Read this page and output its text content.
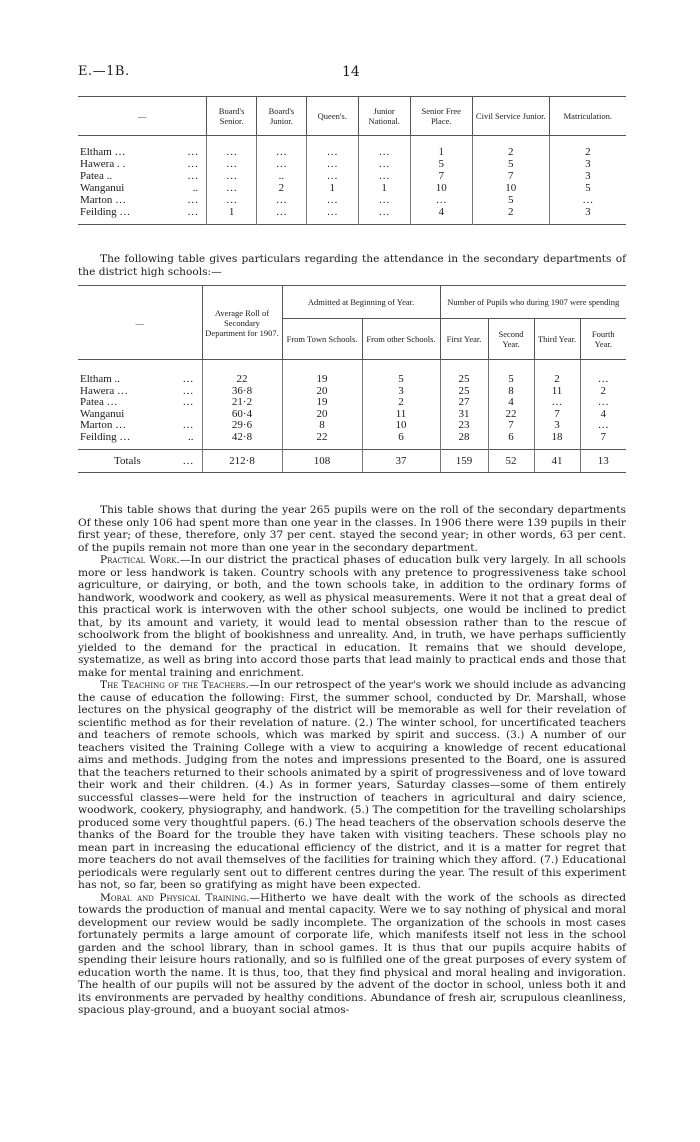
E.—1B.	14
—	Board's Senior.	Board's Junior.	Queen's.	Junior National.	Senior Free Place.	Civil Service Junior.	Matriculation.
Eltham … …	…	…	…	…	1	2	2
Hawera . . …	…	…	…	…	5	5	3
Patea .. …	…	..	…	…	7	7	3
Wanganui ..	…	2	1	1	10	10	5
Marton … …	…	…	…	…	…	5	…
Feilding … …	1	…	…	…	4	2	3

The following table gives particulars regarding the attendance in the secondary departments of the district high schools:—

—	Average Roll of Secondary Department for 1907.	Admitted at Beginning of Year.		Number of Pupils who during 1907 were spending			
		From Town Schools.	From other Schools.	First Year.	Second Year.	Third Year.	Fourth Year.
Eltham .. …	22	19	5	25	5	2	…
Hawera … …	36·8	20	3	25	8	11	2
Patea … …	21·2	19	2	27	4	…	…
Wanganui	60·4	20	11	31	22	7	4
Marton … …	29·6	8	10	23	7	3	…
Feilding … ..	42·8	22	6	28	6	18	7
Totals …	212·8	108	37	159	52	41	13

This table shows that during the year 265 pupils were on the roll of the secondary departments Of these only 106 had spent more than one year in the classes. In 1906 there were 139 pupils in their first year; of these, therefore, only 37 per cent. stayed the second year; in other words, 63 per cent. of the pupils remain not more than one year in the secondary department.

Practical Work.—In our district the practical phases of education bulk very largely. In all schools more or less handwork is taken. Country schools with any pretence to progressiveness take school agriculture, or dairying, or both, and the town schools take, in addition to the ordinary forms of handwork, woodwork and cookery, as well as physical measurements. Were it not that a great deal of this practical work is interwoven with the other school subjects, one would be inclined to predict that, by its amount and variety, it would lead to mental obsession rather than to the rescue of schoolwork from the blight of bookishness and unreality. And, in truth, we have perhaps sufficiently yielded to the demand for the practical in education. It remains that we should develope, systematize, as well as bring into accord those parts that lead mainly to practical ends and those that make for mental training and enrichment.

The Teaching of the Teachers.—In our retrospect of the year's work we should include as advancing the cause of education the following: First, the summer school, conducted by Dr. Marshall, whose lectures on the physical geography of the district will be memorable as well for their revelation of scientific method as for their revelation of nature. (2.) The winter school, for uncertificated teachers and teachers of remote schools, which was marked by spirit and success. (3.) A number of our teachers visited the Training College with a view to acquiring a knowledge of recent educational aims and methods. Judging from the notes and impressions presented to the Board, one is assured that the teachers returned to their schools animated by a spirit of progressiveness and of love toward their work and their children. (4.) As in former years, Saturday classes—some of them entirely successful classes—were held for the instruction of teachers in agricultural and dairy science, woodwork, cookery, physiography, and handwork. (5.) The competition for the travelling scholarships produced some very thoughtful papers. (6.) The head teachers of the observation schools deserve the thanks of the Board for the trouble they have taken with visiting teachers. These schools play no mean part in increasing the educational efficiency of the district, and it is a matter for regret that more teachers do not avail themselves of the facilities for training which they afford. (7.) Educational periodicals were regularly sent out to different centres during the year. The result of this experiment has not, so far, been so gratifying as might have been expected.

Moral and Physical Training.—Hitherto we have dealt with the work of the schools as directed towards the production of manual and mental capacity. Were we to say nothing of physical and moral development our review would be sadly incomplete. The organization of the schools in most cases fortunately permits a large amount of corporate life, which manifests itself not less in the school garden and the school library, than in school games. It is thus that our pupils acquire habits of spending their leisure hours rationally, and so is fulfilled one of the great purposes of every system of education worth the name. It is thus, too, that they find physical and moral healing and invigoration. The health of our pupils will not be assured by the advent of the doctor in school, unless both it and its environments are pervaded by healthy conditions. Abundance of fresh air, scrupulous cleanliness, spacious play-ground, and a buoyant social atmos-
